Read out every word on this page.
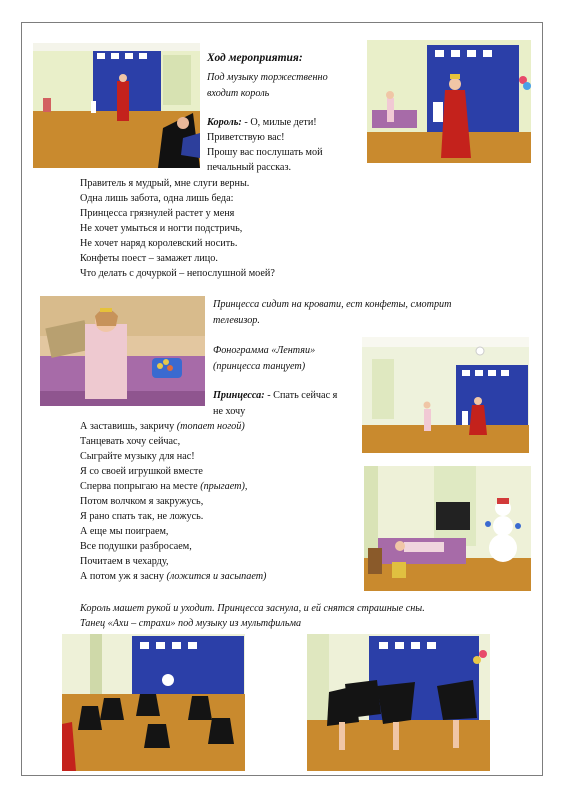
Ход мероприятия:
Под музыку торжественно
входит король
Король: - О, милые дети!
Приветствую вас!
Прошу вас послушать мой
печальный рассказ.
Правитель я мудрый, мне слуги верны.
Одна лишь забота, одна лишь беда:
Принцесса грязнулей растет у меня
Не хочет умыться и ногти подстричь,
Не хочет наряд королевский носить.
Конфеты поест – замажет лицо.
Что делать с дочуркой – непослушной моей?
Принцесса сидит на кровати, ест конфеты, смотрит
телевизор.
Фонограмма «Лентяи»
(принцесса танцует)
Принцесса: - Спать сейчас я
не хочу
А заставишь, закричу (топает ногой)
Танцевать хочу сейчас,
Сыграйте музыку для нас!
Я со своей игрушкой вместе
Сперва попрыгаю на месте (прыгает),
Потом волчком я закружусь,
Я рано спать так, не ложусь.
А еще мы поиграем,
Все подушки разбросаем,
Почитаем в чехарду,
А потом уж я засну (ложится и засыпает)
Король машет рукой и уходит. Принцесса заснула, и ей снятся страшные сны.
Танец «Ахи – страхи» под музыку из мультфильма
